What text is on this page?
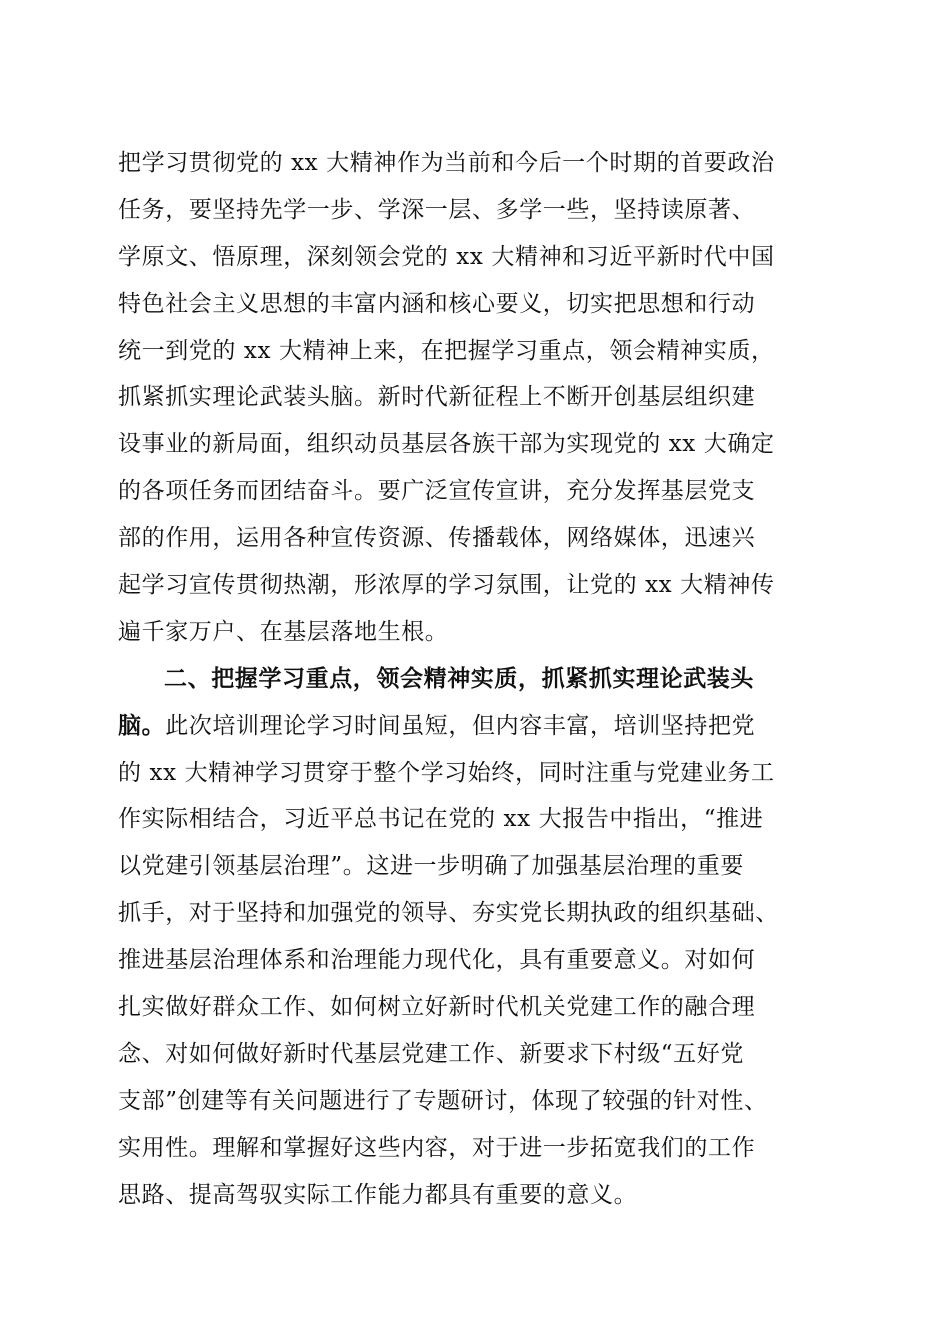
把学习贯彻党的 xx 大精神作为当前和今后一个时期的首要政治
任务，要坚持先学一步、学深一层、多学一些，坚持读原著、
学原文、悟原理，深刻领会党的 xx 大精神和习近平新时代中国
特色社会主义思想的丰富内涵和核心要义，切实把思想和行动
统一到党的 xx 大精神上来，在把握学习重点，领会精神实质，
抓紧抓实理论武装头脑。新时代新征程上不断开创基层组织建
设事业的新局面，组织动员基层各族干部为实现党的 xx 大确定
的各项任务而团结奋斗。要广泛宣传宣讲，充分发挥基层党支
部的作用，运用各种宣传资源、传播载体，网络媒体，迅速兴
起学习宣传贯彻热潮，形浓厚的学习氛围，让党的 xx 大精神传
遍千家万户、在基层落地生根。
二、把握学习重点，领会精神实质，抓紧抓实理论武装头
脑。此次培训理论学习时间虽短，但内容丰富，培训坚持把党
的 xx 大精神学习贯穿于整个学习始终，同时注重与党建业务工
作实际相结合，习近平总书记在党的 xx 大报告中指出，“推进
以党建引领基层治理”。这进一步明确了加强基层治理的重要
抓手，对于坚持和加强党的领导、夯实党长期执政的组织基础、
推进基层治理体系和治理能力现代化，具有重要意义。对如何
扎实做好群众工作、如何树立好新时代机关党建工作的融合理
念、对如何做好新时代基层党建工作、新要求下村级“五好党
支部”创建等有关问题进行了专题研讨，体现了较强的针对性、
实用性。理解和掌握好这些内容，对于进一步拓宽我们的工作
思路、提高驾驭实际工作能力都具有重要的意义。
